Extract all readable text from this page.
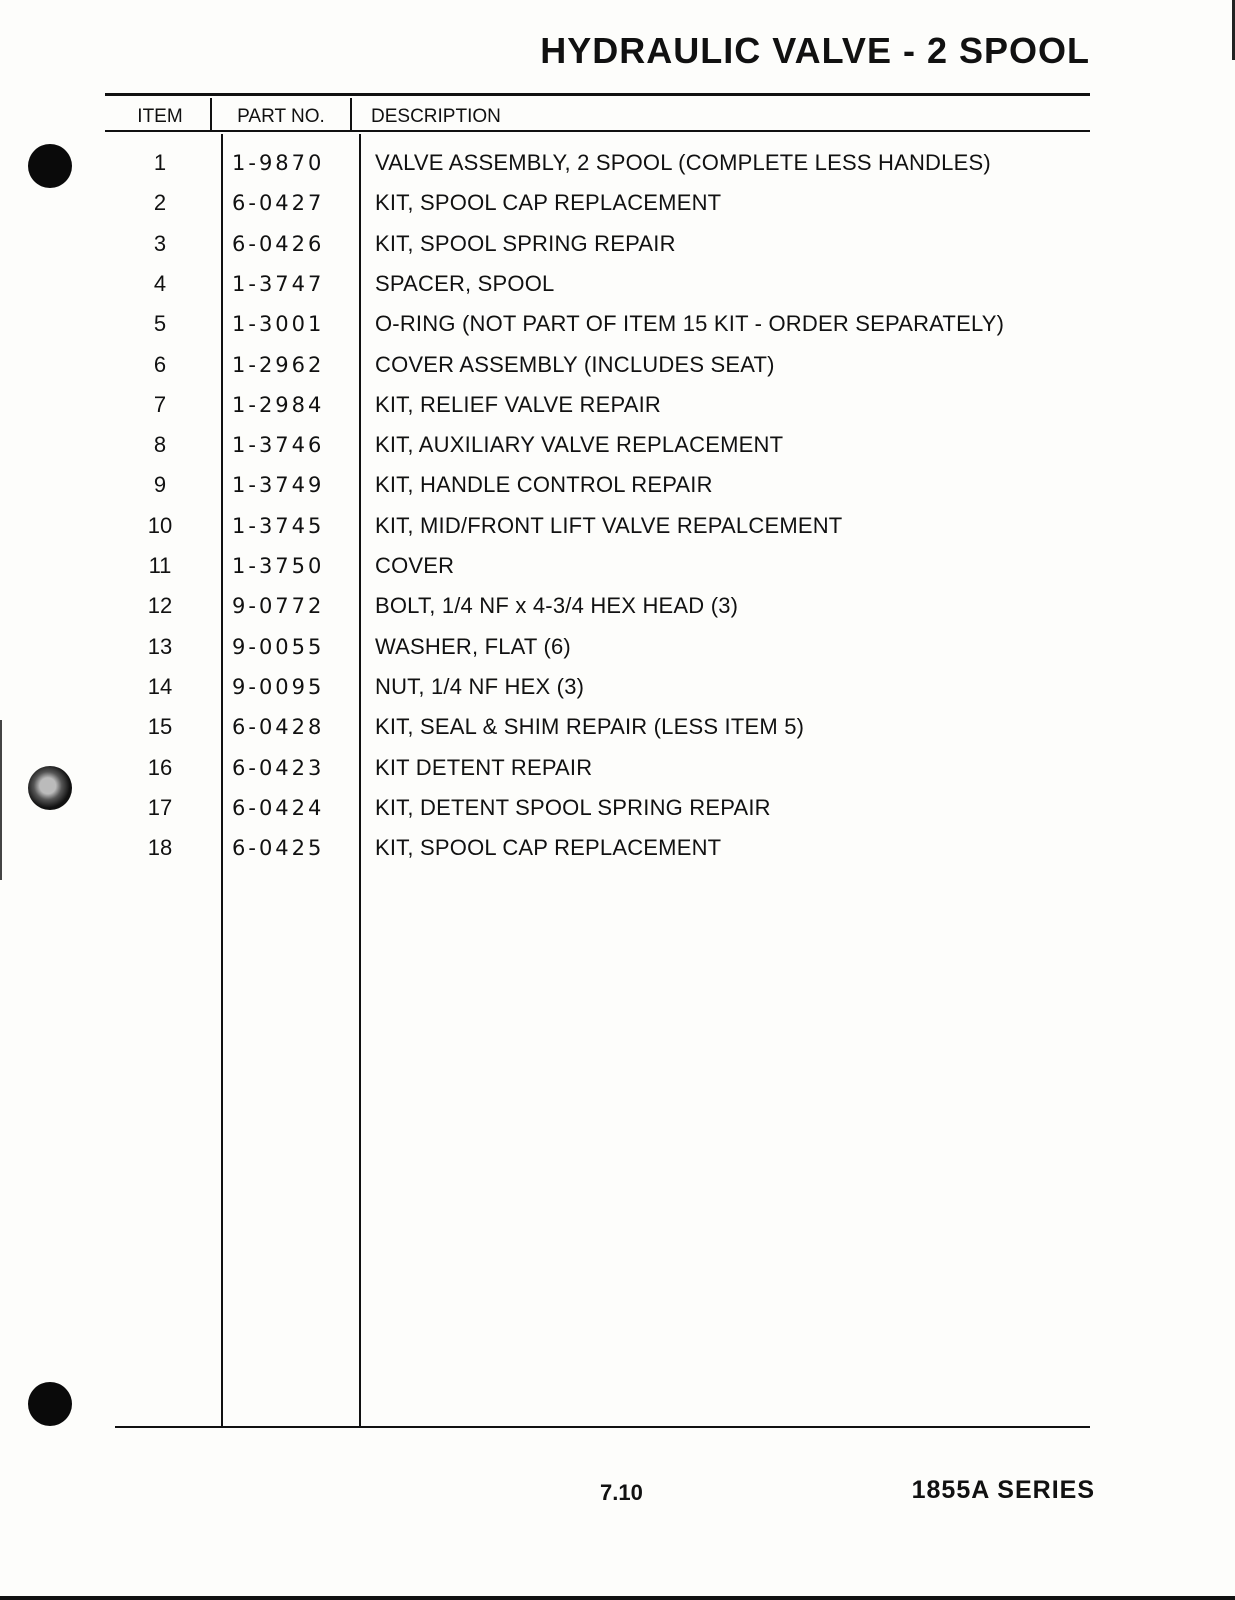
HYDRAULIC VALVE - 2 SPOOL
ITEM	PART NO.	DESCRIPTION
1	1-9870 VALVE ASSEMBLY, 2 SPOOL (COMPLETE LESS HANDLES)
2	6-0427 KIT, SPOOL CAP REPLACEMENT
3	6-0426 KIT, SPOOL SPRING REPAIR
4	1-3747 SPACER, SPOOL
5	1-3001 O-RING (NOT PART OF ITEM 15 KIT - ORDER SEPARATELY)
6	1-2962 COVER ASSEMBLY (INCLUDES SEAT)
7	1-2984 KIT, RELIEF VALVE REPAIR
8	1-3746 KIT, AUXILIARY VALVE REPLACEMENT
9	1-3749 KIT, HANDLE CONTROL REPAIR
10	1-3745 KIT, MID/FRONT LIFT VALVE REPALCEMENT
11	1-3750 COVER
12	9-0772 BOLT, 1/4 NF x 4-3/4 HEX HEAD (3)
13	9-0055 WASHER, FLAT (6)
14	9-0095 NUT, 1/4 NF HEX (3)
15	6-0428 KIT, SEAL & SHIM REPAIR (LESS ITEM 5)
16	6-0423 KIT DETENT REPAIR
17	6-0424 KIT, DETENT SPOOL SPRING REPAIR
18	6-0425 KIT, SPOOL CAP REPLACEMENT
7.10	1855A SERIES
